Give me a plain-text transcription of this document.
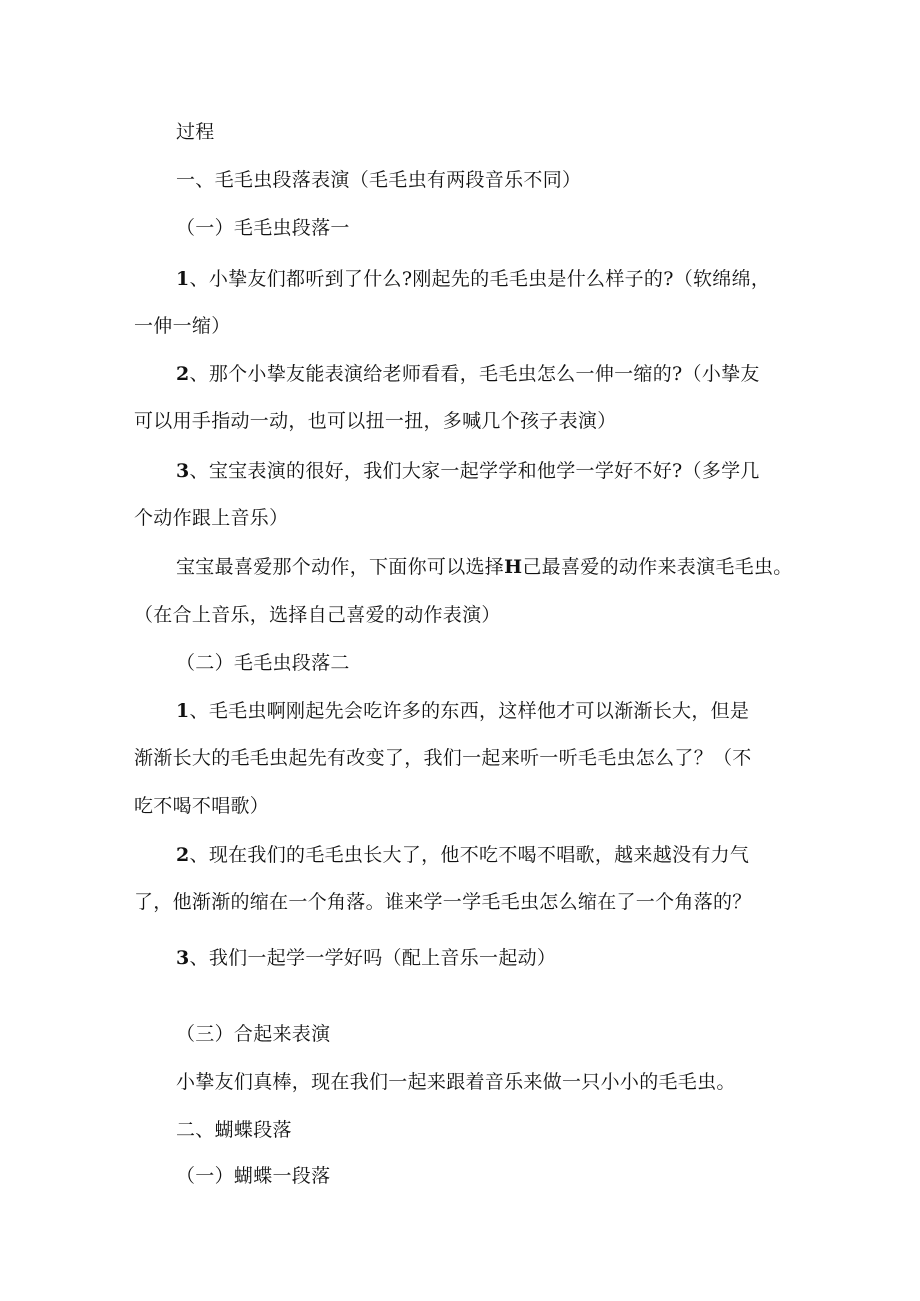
过程
一、毛毛虫段落表演（毛毛虫有两段音乐不同）
（一）毛毛虫段落一
1、小挚友们都听到了什么?刚起先的毛毛虫是什么样子的?（软绵绵，
一伸一缩）
2、那个小挚友能表演给老师看看，毛毛虫怎么一伸一缩的?（小挚友
可以用手指动一动，也可以扭一扭，多喊几个孩子表演）
3、宝宝表演的很好，我们大家一起学学和他学一学好不好?（多学几
个动作跟上音乐）
宝宝最喜爱那个动作，下面你可以选择H己最喜爱的动作来表演毛毛虫。
（在合上音乐，选择自己喜爱的动作表演）
（二）毛毛虫段落二
1、毛毛虫啊刚起先会吃许多的东西，这样他才可以渐渐长大，但是
渐渐长大的毛毛虫起先有改变了，我们一起来听一听毛毛虫怎么了？（不
吃不喝不唱歌）
2、现在我们的毛毛虫长大了，他不吃不喝不唱歌，越来越没有力气
了，他渐渐的缩在一个角落。谁来学一学毛毛虫怎么缩在了一个角落的？
3、我们一起学一学好吗（配上音乐一起动）
（三）合起来表演
小挚友们真棒，现在我们一起来跟着音乐来做一只小小的毛毛虫。
二、蝴蝶段落
（一）蝴蝶一段落
